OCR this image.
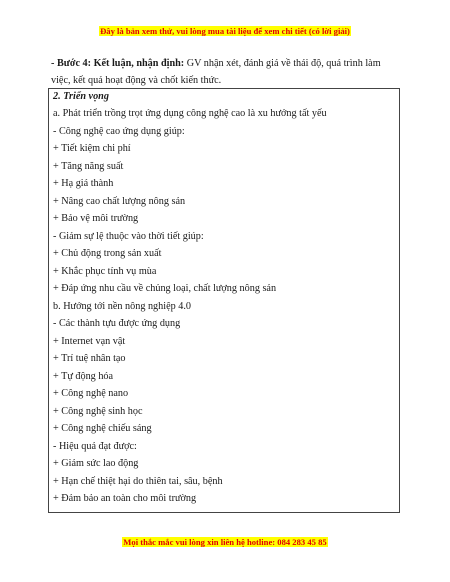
Đây là bản xem thử, vui lòng mua tài liệu để xem chi tiết (có lời giải)
- Bước 4: Kết luận, nhận định: GV nhận xét, đánh giá về thái độ, quá trình làm việc, kết quả hoạt động và chốt kiến thức.
2. Triển vọng
a. Phát triển trồng trọt ứng dụng công nghệ cao là xu hướng tất yếu
- Công nghệ cao ứng dụng giúp:
+ Tiết kiệm chi phí
+ Tăng năng suất
+ Hạ giá thành
+ Nâng cao chất lượng nông sản
+ Bảo vệ môi trường
- Giảm sự lệ thuộc vào thời tiết giúp:
+ Chủ động trong sản xuất
+ Khắc phục tính vụ mùa
+ Đáp ứng nhu cầu về chủng loại, chất lượng nông sản
b. Hướng tới nền nông nghiệp 4.0
- Các thành tựu được ứng dụng
+ Internet vạn vật
+ Trí tuệ nhân tạo
+ Tự động hóa
+ Công nghệ nano
+ Công nghệ sinh học
+ Công nghệ chiếu sáng
- Hiệu quả đạt được:
+ Giảm sức lao động
+ Hạn chế thiệt hại do thiên tai, sâu, bệnh
+ Đảm bảo an toàn cho môi trường
Mọi thắc mắc vui lòng xin liên hệ hotline: 084 283 45 85
